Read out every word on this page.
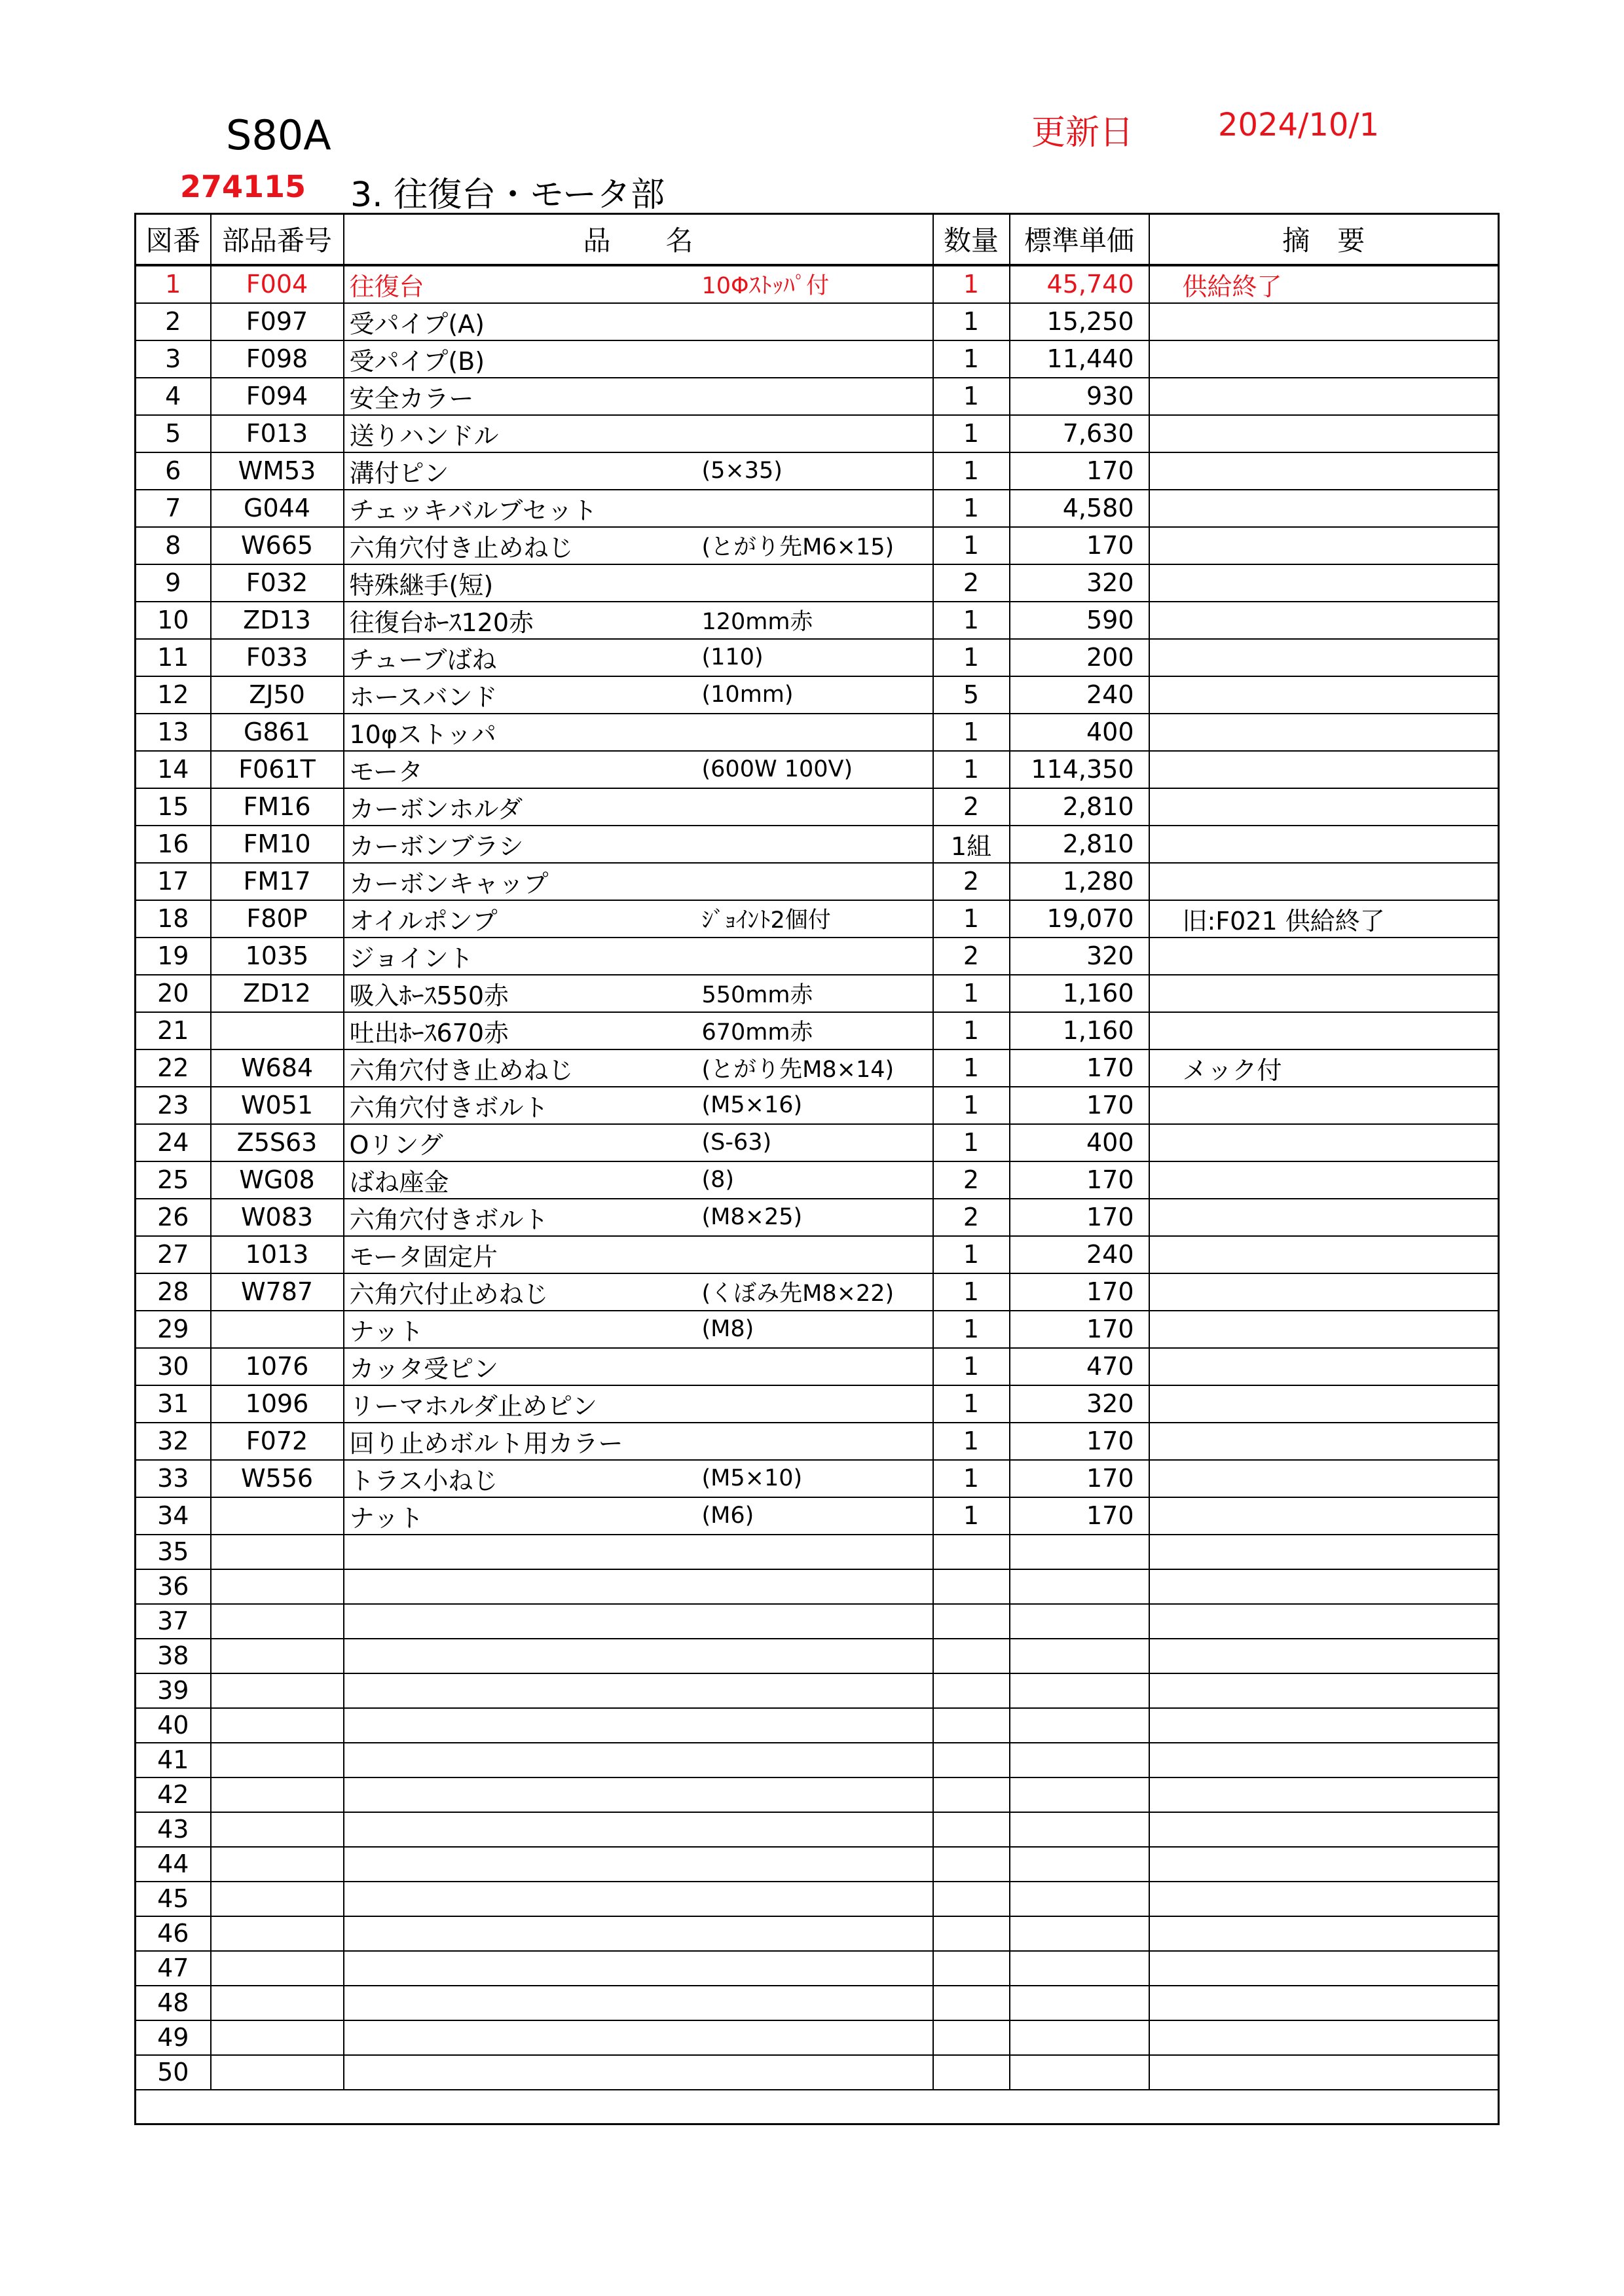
S80A	更新日	2024/10/1
274115 3. 往復台・モータ部
図番	部品番号	品　　名	数量	標準単価	摘　要
1	F004	往復台 10Φｽﾄｯﾊﾟ付	1	45,740	供給終了
2	F097	受パイプ(A)	1	15,250	
3	F098	受パイプ(B)	1	11,440	
4	F094	安全カラー	1	930	
5	F013	送りハンドル	1	7,630	
6	WM53	溝付ピン (5×35)	1	170	
7	G044	チェッキバルブセット	1	4,580	
8	W665	六角穴付き止めねじ (とがり先M6×15)	1	170	
9	F032	特殊継手(短)	2	320	
10	ZD13	往復台ﾎｰｽ120赤 120mm赤	1	590	
11	F033	チューブばね (110)	1	200	
12	ZJ50	ホースバンド (10mm)	5	240	
13	G861	10φストッパ	1	400	
14	F061T	モータ (600W 100V)	1	114,350	
15	FM16	カーボンホルダ	2	2,810	
16	FM10	カーボンブラシ	1組	2,810	
17	FM17	カーボンキャップ	2	1,280	
18	F80P	オイルポンプ ｼﾞｮｲﾝﾄ2個付	1	19,070	旧:F021 供給終了
19	1035	ジョイント	2	320	
20	ZD12	吸入ﾎｰｽ550赤 550mm赤	1	1,160	
21		吐出ﾎｰｽ670赤 670mm赤	1	1,160	
22	W684	六角穴付き止めねじ (とがり先M8×14)	1	170	メック付
23	W051	六角穴付きボルト (M5×16)	1	170	
24	Z5S63	Oリング (S-63)	1	400	
25	WG08	ばね座金 (8)	2	170	
26	W083	六角穴付きボルト (M8×25)	2	170	
27	1013	モータ固定片	1	240	
28	W787	六角穴付止めねじ (くぼみ先M8×22)	1	170	
29		ナット (M8)	1	170	
30	1076	カッタ受ピン	1	470	
31	1096	リーマホルダ止めピン	1	320	
32	F072	回り止めボルト用カラー	1	170	
33	W556	トラス小ねじ (M5×10)	1	170	
34		ナット (M6)	1	170	
35		

36		

37		

38		

39		

40		

41		

42		

43		

44		

45		

46		

47		

48		

49		

50		
